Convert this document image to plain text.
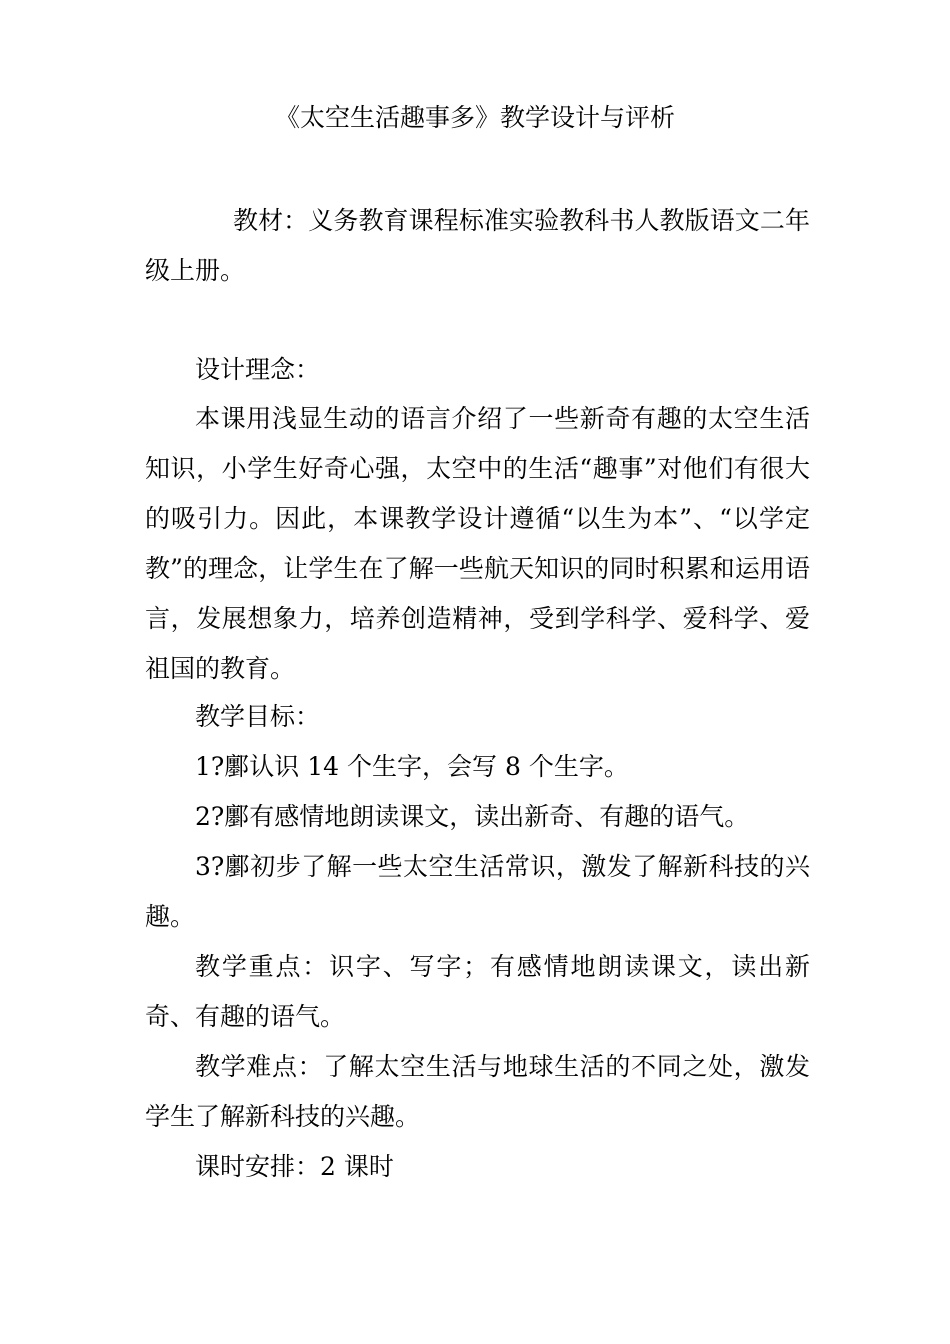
《太空生活趣事多》教学设计与评析

教材：义务教育课程标准实验教科书人教版语文二年级上册。

设计理念：

本课用浅显生动的语言介绍了一些新奇有趣的太空生活知识，小学生好奇心强，太空中的生活“趣事”对他们有很大的吸引力。因此，本课教学设计遵循“以生为本”、“以学定教”的理念，让学生在了解一些航天知识的同时积累和运用语言，发展想象力，培养创造精神，受到学科学、爱科学、爱祖国的教育。

教学目标：

1?鄽认识 14 个生字，会写 8 个生字。

2?鄽有感情地朗读课文，读出新奇、有趣的语气。

3?鄽初步了解一些太空生活常识，激发了解新科技的兴趣。

教学重点：识字、写字；有感情地朗读课文，读出新奇、有趣的语气。

教学难点：了解太空生活与地球生活的不同之处，激发学生了解新科技的兴趣。

课时安排：2 课时
